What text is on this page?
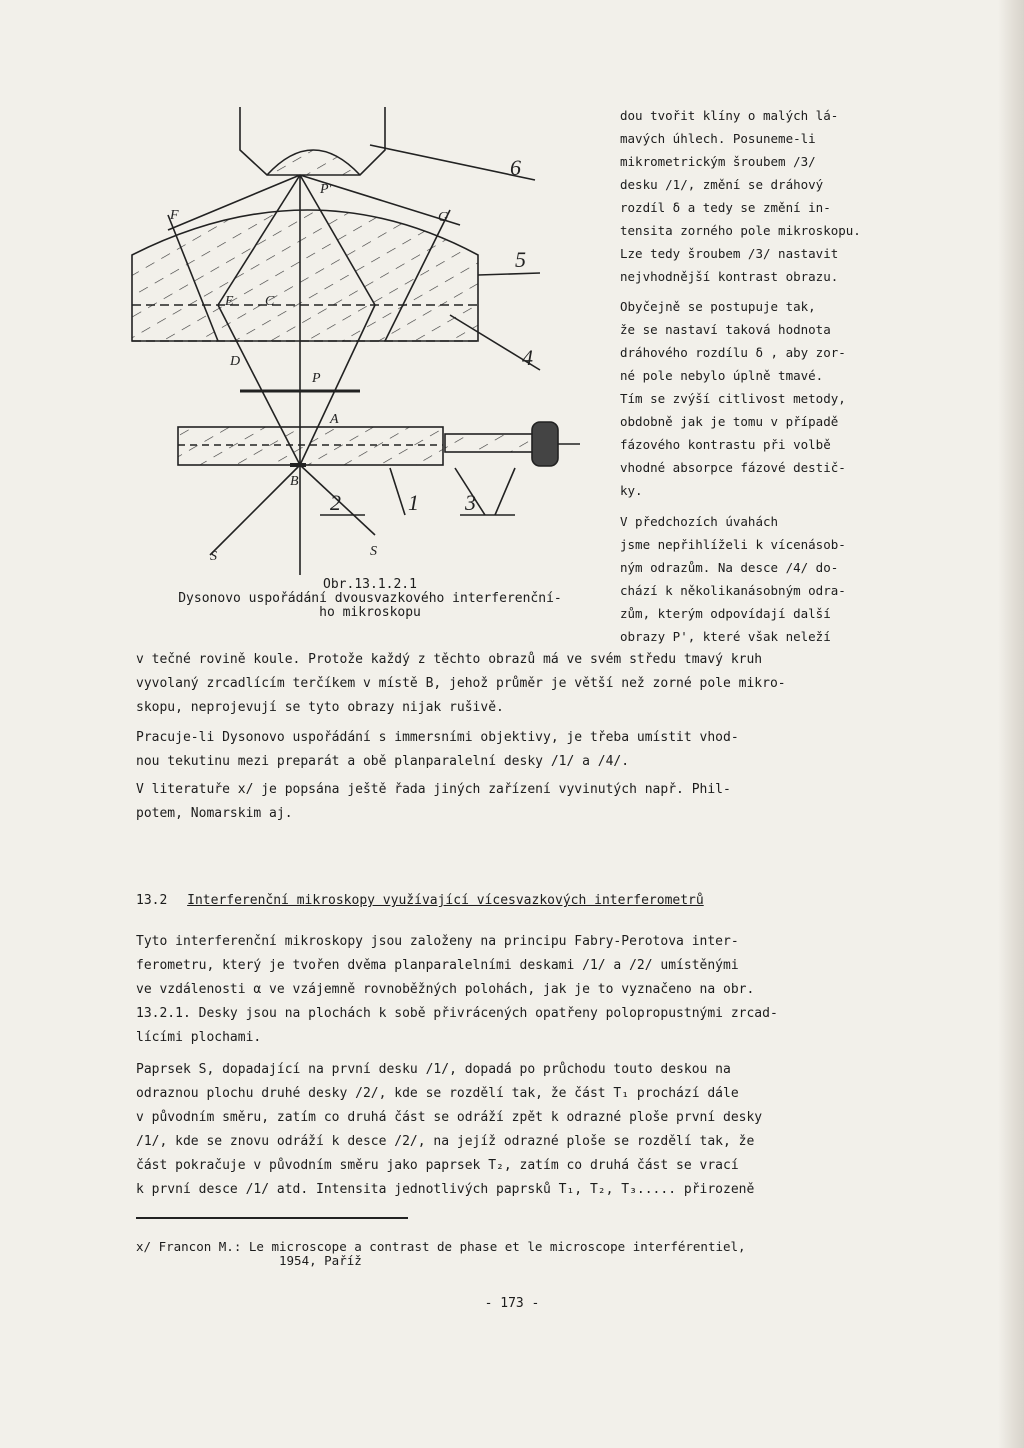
6
5
4
2	1 3
P'
F	G
E C
D
P
A
B
S	S
Obr.13.1.2.1
Dysonovo uspořádání dvousvazkového interferenční-
ho mikroskopu
dou tvořit klíny o malých lá-
mavých úhlech. Posuneme-li
mikrometrickým šroubem /3/
desku /1/, změní se dráhový
rozdíl δ a tedy se změní in-
tensita zorného pole mikroskopu.
Lze tedy šroubem /3/ nastavit
nejvhodnější kontrast obrazu.
Obyčejně se postupuje tak,
že se nastaví taková hodnota
dráhového rozdílu δ , aby zor-
né pole nebylo úplně tmavé.
Tím se zvýší citlivost metody,
obdobně jak je tomu v případě
fázového kontrastu při volbě
vhodné absorpce fázové destič-
ky.
V předchozích úvahách
jsme nepřihlíželi k vícenásob-
ným odrazům. Na desce /4/ do-
chází k několikanásobným odra-
zům, kterým odpovídají další
obrazy P', které však neleží
v tečné rovině koule. Protože každý z těchto obrazů má ve svém středu tmavý kruh
vyvolaný zrcadlícím terčíkem v místě B, jehož průměr je větší než zorné pole mikro-
skopu, neprojevují se tyto obrazy nijak rušivě.
Pracuje-li Dysonovo uspořádání s immersními objektivy, je třeba umístit vhod-
nou tekutinu mezi preparát a obě planparalelní desky /1/ a /4/.
V literatuře x/ je popsána ještě řada jiných zařízení vyvinutých např. Phil-
potem, Nomarskim aj.
13.2 Interferenční mikroskopy využívající vícesvazkových interferometrů
Tyto interferenční mikroskopy jsou založeny na principu Fabry-Perotova inter-
ferometru, který je tvořen dvěma planparalelními deskami /1/ a /2/ umístěnými
ve vzdálenosti α ve vzájemně rovnoběžných polohách, jak je to vyznačeno na obr.
13.2.1. Desky jsou na plochách k sobě přivrácených opatřeny polopropustnými zrcad-
lícími plochami.
Paprsek S, dopadající na první desku /1/, dopadá po průchodu touto deskou na
odraznou plochu druhé desky /2/, kde se rozdělí tak, že část T₁ prochází dále
v původním směru, zatím co druhá část se odráží zpět k odrazné ploše první desky
/1/, kde se znovu odráží k desce /2/, na jejíž odrazné ploše se rozdělí tak, že
část pokračuje v původním směru jako paprsek T₂, zatím co druhá část se vrací
k první desce /1/ atd. Intensita jednotlivých paprsků T₁, T₂, T₃..... přirozeně
x/ Francon M.: Le microscope a contrast de phase et le microscope interférentiel,
1954, Paříž
- 173 -
